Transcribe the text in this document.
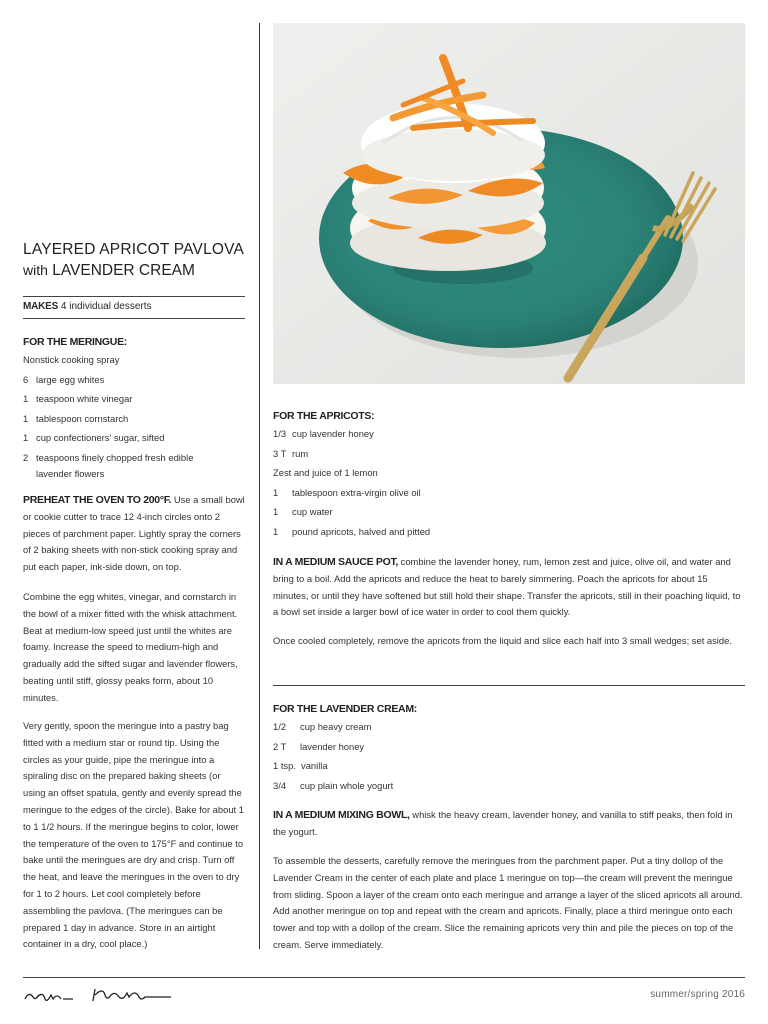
LAYERED APRICOT PAVLOVA
with LAVENDER CREAM
MAKES 4 individual desserts
FOR THE MERINGUE:
Nonstick cooking spray
6 large egg whites
1 teaspoon white vinegar
1 tablespoon cornstarch
1 cup confectioners' sugar, sifted
2 teaspoons finely chopped fresh edible
lavender flowers
PREHEAT THE OVEN TO 200°F. Use a small bowl or cookie cutter to trace 12 4-inch circles onto 2 pieces of parchment paper. Lightly spray the corners of 2 baking sheets with non-stick cooking spray and put each paper, ink-side down, on top.
Combine the egg whites, vinegar, and cornstarch in the bowl of a mixer fitted with the whisk attachment. Beat at medium-low speed just until the whites are foamy. Increase the speed to medium-high and gradually add the sifted sugar and lavender flowers, beating until stiff, glossy peaks form, about 10 minutes.
Very gently, spoon the meringue into a pastry bag fitted with a medium star or round tip. Using the circles as your guide, pipe the meringue into a spiraling disc on the prepared baking sheets (or using an offset spatula, gently and evenly spread the meringue to the edges of the circle). Bake for about 1 to 1 1/2 hours. If the meringue begins to color, lower the temperature of the oven to 175°F and continue to bake until the meringues are dry and crisp. Turn off the heat, and leave the meringues in the oven to dry for 1 to 2 hours. Let cool completely before assembling the pavlova. (The meringues can be prepared 1 day in advance. Store in an airtight container in a dry, cool place.)
FOR THE APRICOTS:
1/3 cup lavender honey
3 T rum
Zest and juice of 1 lemon
1	tablespoon extra-virgin olive oil
1	cup water
1	pound apricots, halved and pitted
IN A MEDIUM SAUCE POT, combine the lavender honey, rum, lemon zest and juice, olive oil, and water and bring to a boil. Add the apricots and reduce the heat to barely simmering. Poach the apricots for about 15 minutes, or until they have softened but still hold their shape. Transfer the apricots, still in their poaching liquid, to a bowl set inside a larger bowl of ice water in order to cool them quickly.
Once cooled completely, remove the apricots from the liquid and slice each half into 3 small wedges; set aside.
FOR THE LAVENDER CREAM:
1/2	cup heavy cream
2 T	lavender honey
1 tsp. vanilla
3/4	cup plain whole yogurt
IN A MEDIUM MIXING BOWL, whisk the heavy cream, lavender honey, and vanilla to stiff peaks, then fold in the yogurt.
To assemble the desserts, carefully remove the meringues from the parchment paper. Put a tiny dollop of the Lavender Cream in the center of each plate and place 1 meringue on top—the cream will prevent the meringue from sliding. Spoon a layer of the cream onto each meringue and arrange a layer of the sliced apricots all around. Add another meringue on top and repeat with the cream and apricots. Finally, place a third meringue onto each tower and top with a dollop of the cream. Slice the remaining apricots very thin and pile the pieces on top of the cream. Serve immediately.
summer/spring 2016
